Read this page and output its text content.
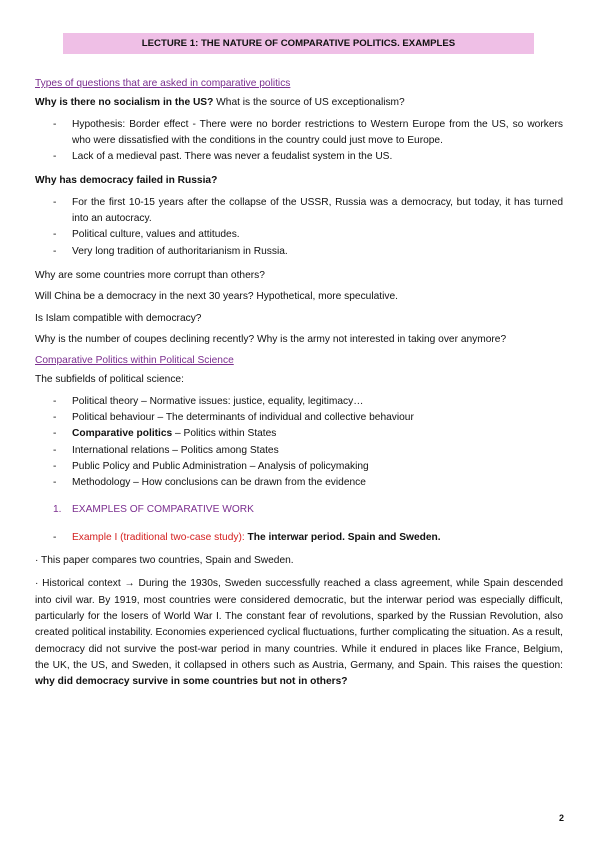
LECTURE 1: THE NATURE OF COMPARATIVE POLITICS. EXAMPLES
Types of questions that are asked in comparative politics

Why is there no socialism in the US? What is the source of US exceptionalism?

- Hypothesis: Border effect - There were no border restrictions to Western Europe from the US, so workers who were dissatisfied with the conditions in the country could just move to Europe.
- Lack of a medieval past. There was never a feudalist system in the US.

Why has democracy failed in Russia?

- For the first 10-15 years after the collapse of the USSR, Russia was a democracy, but today, it has turned into an autocracy.
- Political culture, values and attitudes.
- Very long tradition of authoritarianism in Russia.

Why are some countries more corrupt than others?

Will China be a democracy in the next 30 years? Hypothetical, more speculative.

Is Islam compatible with democracy?

Why is the number of coupes declining recently? Why is the army not interested in taking over anymore?

Comparative Politics within Political Science

The subfields of political science:

- Political theory – Normative issues: justice, equality, legitimacy…
- Political behaviour – The determinants of individual and collective behaviour
- Comparative politics – Politics within States
- International relations – Politics among States
- Public Policy and Public Administration – Analysis of policymaking
- Methodology – How conclusions can be drawn from the evidence
1. EXAMPLES OF COMPARATIVE WORK
- Example I (traditional two-case study): The interwar period. Spain and Sweden.

· This paper compares two countries, Spain and Sweden.

· Historical context → During the 1930s, Sweden successfully reached a class agreement, while Spain descended into civil war. By 1919, most countries were considered democratic, but the interwar period was especially difficult, particularly for the losers of World War I. The constant fear of revolutions, sparked by the Russian Revolution, also created political instability. Economies experienced cyclical fluctuations, further complicating the situation. As a result, democracy did not survive the post-war period in many countries. While it endured in places like France, Belgium, the UK, the US, and Sweden, it collapsed in others such as Austria, Germany, and Spain. This raises the question: why did democracy survive in some countries but not in others?

2
